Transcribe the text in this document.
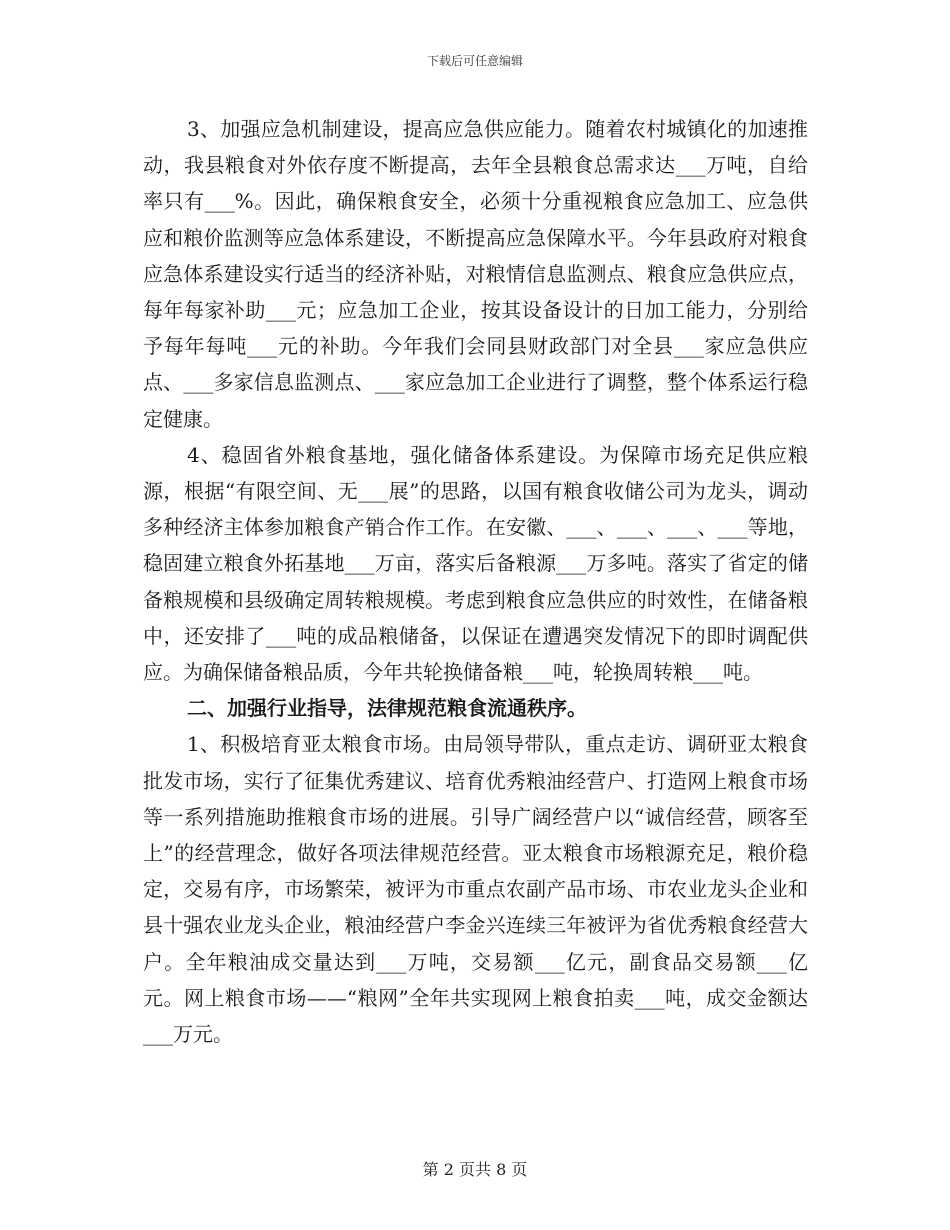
下载后可任意编辑

3、加强应急机制建设，提高应急供应能力。随着农村城镇化的加速推动，我县粮食对外依存度不断提高，去年全县粮食总需求达___万吨，自给率只有___%。因此，确保粮食安全，必须十分重视粮食应急加工、应急供应和粮价监测等应急体系建设，不断提高应急保障水平。今年县政府对粮食应急体系建设实行适当的经济补贴，对粮情信息监测点、粮食应急供应点，每年每家补助___元；应急加工企业，按其设备设计的日加工能力，分别给予每年每吨___元的补助。今年我们会同县财政部门对全县___家应急供应点、___多家信息监测点、___家应急加工企业进行了调整，整个体系运行稳定健康。

4、稳固省外粮食基地，强化储备体系建设。为保障市场充足供应粮源，根据“有限空间、无___展”的思路，以国有粮食收储公司为龙头，调动多种经济主体参加粮食产销合作工作。在安徽、___、___、___、___等地，稳固建立粮食外拓基地___万亩，落实后备粮源___万多吨。落实了省定的储备粮规模和县级确定周转粮规模。考虑到粮食应急供应的时效性，在储备粮中，还安排了___吨的成品粮储备，以保证在遭遇突发情况下的即时调配供应。为确保储备粮品质，今年共轮换储备粮___吨，轮换周转粮___吨。

二、加强行业指导，法律规范粮食流通秩序。

1、积极培育亚太粮食市场。由局领导带队，重点走访、调研亚太粮食批发市场，实行了征集优秀建议、培育优秀粮油经营户、打造网上粮食市场等一系列措施助推粮食市场的进展。引导广阔经营户以“诚信经营，顾客至上”的经营理念，做好各项法律规范经营。亚太粮食市场粮源充足，粮价稳定，交易有序，市场繁荣，被评为市重点农副产品市场、市农业龙头企业和县十强农业龙头企业，粮油经营户李金兴连续三年被评为省优秀粮食经营大户。全年粮油成交量达到___万吨，交易额___亿元，副食品交易额___亿元。网上粮食市场——“粮网”全年共实现网上粮食拍卖___吨，成交金额达___万元。

第 2 页共 8 页
